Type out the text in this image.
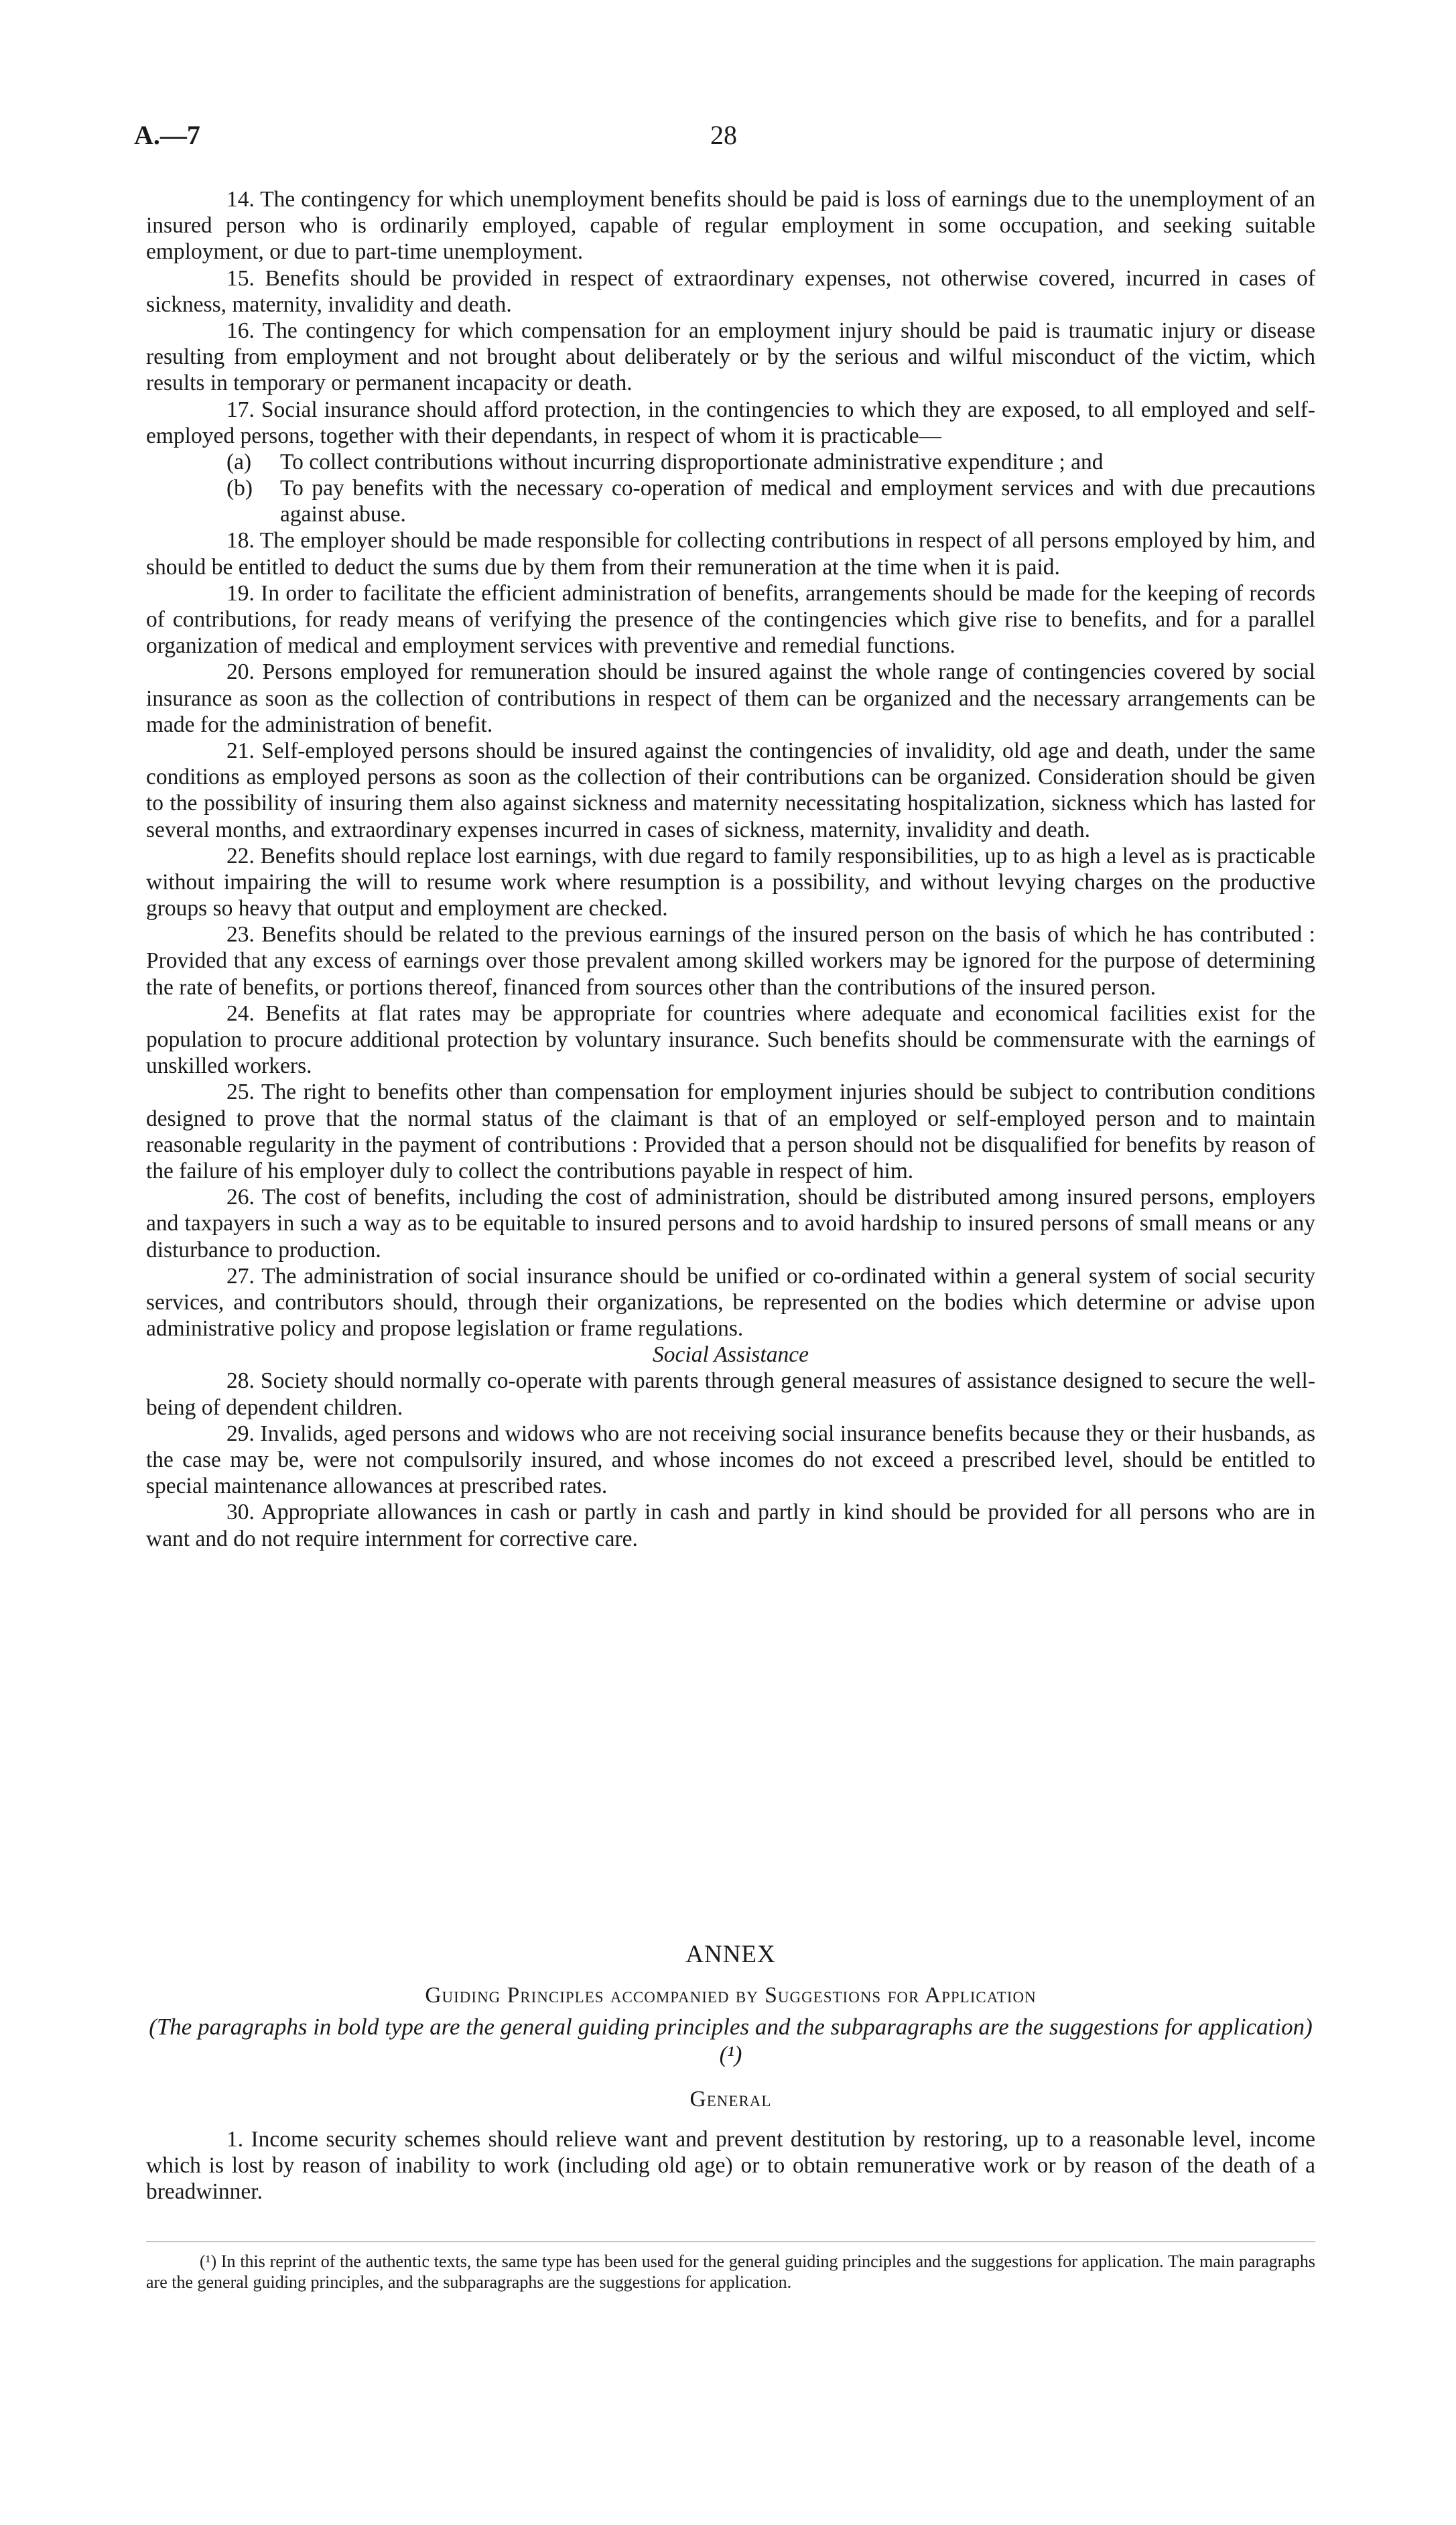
A.—7	28

14. The contingency for which unemployment benefits should be paid is loss of earnings due to the unemployment of an insured person who is ordinarily employed, capable of regular employment in some occupation, and seeking suitable employment, or due to part-time unemployment.

15. Benefits should be provided in respect of extraordinary expenses, not otherwise covered, incurred in cases of sickness, maternity, invalidity and death.

16. The contingency for which compensation for an employment injury should be paid is traumatic injury or disease resulting from employment and not brought about deliberately or by the serious and wilful misconduct of the victim, which results in temporary or permanent incapacity or death.

17. Social insurance should afford protection, in the contingencies to which they are exposed, to all employed and self-employed persons, together with their dependants, in respect of whom it is practicable—

(a) To collect contributions without incurring disproportionate administrative expenditure ; and

(b) To pay benefits with the necessary co-operation of medical and employment services and with due precautions against abuse.

18. The employer should be made responsible for collecting contributions in respect of all persons employed by him, and should be entitled to deduct the sums due by them from their remuneration at the time when it is paid.

19. In order to facilitate the efficient administration of benefits, arrangements should be made for the keeping of records of contributions, for ready means of verifying the presence of the contingencies which give rise to benefits, and for a parallel organization of medical and employment services with preventive and remedial functions.

20. Persons employed for remuneration should be insured against the whole range of contingencies covered by social insurance as soon as the collection of contributions in respect of them can be organized and the necessary arrangements can be made for the administration of benefit.

21. Self-employed persons should be insured against the contingencies of invalidity, old age and death, under the same conditions as employed persons as soon as the collection of their contributions can be organized. Consideration should be given to the possibility of insuring them also against sickness and maternity necessitating hospitalization, sickness which has lasted for several months, and extraordinary expenses incurred in cases of sickness, maternity, invalidity and death.

22. Benefits should replace lost earnings, with due regard to family responsibilities, up to as high a level as is practicable without impairing the will to resume work where resumption is a possibility, and without levying charges on the productive groups so heavy that output and employment are checked.

23. Benefits should be related to the previous earnings of the insured person on the basis of which he has contributed : Provided that any excess of earnings over those prevalent among skilled workers may be ignored for the purpose of determining the rate of benefits, or portions thereof, financed from sources other than the contributions of the insured person.

24. Benefits at flat rates may be appropriate for countries where adequate and economical facilities exist for the population to procure additional protection by voluntary insurance. Such benefits should be commensurate with the earnings of unskilled workers.

25. The right to benefits other than compensation for employment injuries should be subject to contribution conditions designed to prove that the normal status of the claimant is that of an employed or self-employed person and to maintain reasonable regularity in the payment of contributions : Provided that a person should not be disqualified for benefits by reason of the failure of his employer duly to collect the contributions payable in respect of him.

26. The cost of benefits, including the cost of administration, should be distributed among insured persons, employers and taxpayers in such a way as to be equitable to insured persons and to avoid hardship to insured persons of small means or any disturbance to production.

27. The administration of social insurance should be unified or co-ordinated within a general system of social security services, and contributors should, through their organizations, be represented on the bodies which determine or advise upon administrative policy and propose legislation or frame regulations.

Social Assistance

28. Society should normally co-operate with parents through general measures of assistance designed to secure the well-being of dependent children.

29. Invalids, aged persons and widows who are not receiving social insurance benefits because they or their husbands, as the case may be, were not compulsorily insured, and whose incomes do not exceed a prescribed level, should be entitled to special maintenance allowances at prescribed rates.

30. Appropriate allowances in cash or partly in cash and partly in kind should be provided for all persons who are in want and do not require internment for corrective care.

ANNEX
Guiding Principles accompanied by Suggestions for Application
(The paragraphs in bold type are the general guiding principles and the subparagraphs are the suggestions for application)(¹)
General

1. Income security schemes should relieve want and prevent destitution by restoring, up to a reasonable level, income which is lost by reason of inability to work (including old age) or to obtain remunerative work or by reason of the death of a breadwinner.

(¹) In this reprint of the authentic texts, the same type has been used for the general guiding principles and the suggestions for application. The main paragraphs are the general guiding principles, and the subparagraphs are the suggestions for application.
